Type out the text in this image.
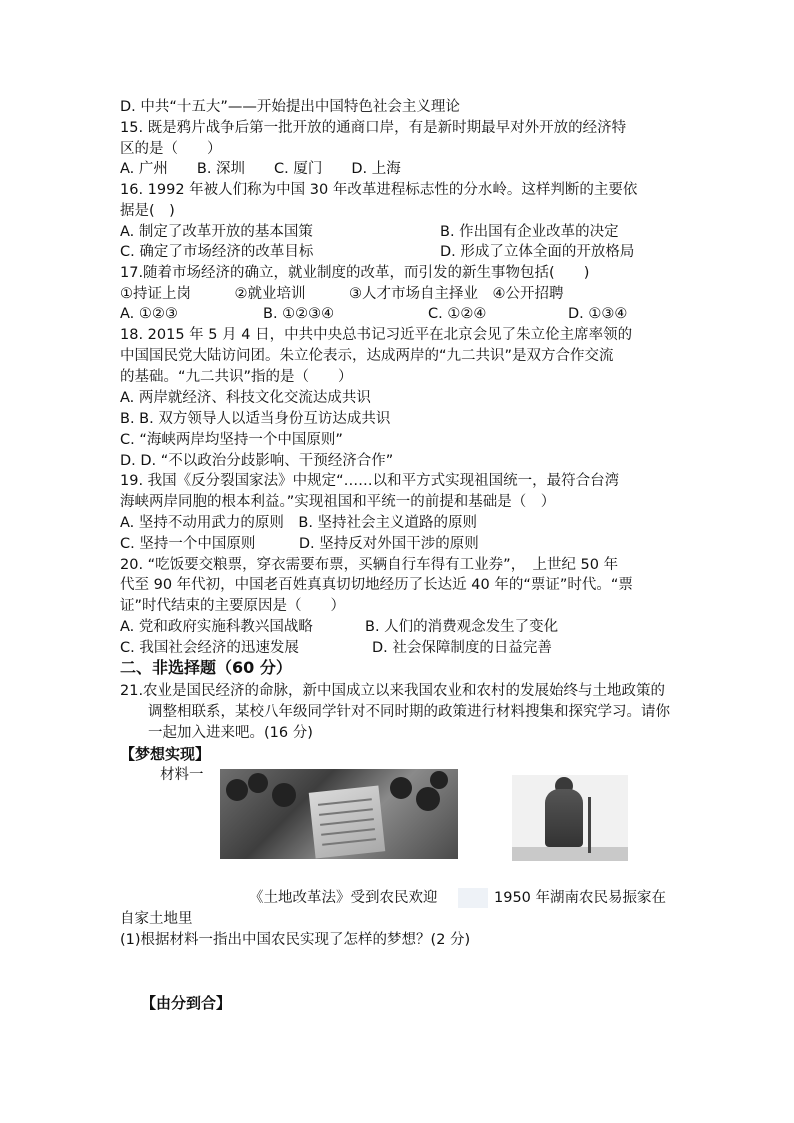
D. 中共“十五大”——开始提出中国特色社会主义理论
15. 既是鸦片战争后第一批开放的通商口岸，有是新时期最早对外开放的经济特
区的是（　　）
A. 广州　　B. 深圳　　C. 厦门　　D. 上海
16. 1992 年被人们称为中国 30 年改革进程标志性的分水岭。这样判断的主要依
据是(　)
A. 制定了改革开放的基本国策	B. 作出国有企业改革的决定
C. 确定了市场经济的改革目标	D. 形成了立体全面的开放格局
17.随着市场经济的确立，就业制度的改革，而引发的新生事物包括(　　)
①持证上岗　　　②就业培训　　　③人才市场自主择业　④公开招聘
A. ①②③	B. ①②③④	C. ①②④	D. ①③④
18. 2015 年 5 月 4 日，中共中央总书记习近平在北京会见了朱立伦主席率领的
中国国民党大陆访问团。朱立伦表示，达成两岸的“九二共识”是双方合作交流
的基础。“九二共识”指的是（　　）
A. 两岸就经济、科技文化交流达成共识
B. B. 双方领导人以适当身份互访达成共识
C. “海峡两岸均坚持一个中国原则”
D. D. “不以政治分歧影响、干预经济合作”
19. 我国《反分裂国家法》中规定“……以和平方式实现祖国统一，最符合台湾
海峡两岸同胞的根本利益。”实现祖国和平统一的前提和基础是（　）
A. 坚持不动用武力的原则　B. 坚持社会主义道路的原则
C. 坚持一个中国原则　　　D. 坚持反对外国干涉的原则
20. “吃饭要交粮票，穿衣需要布票，买辆自行车得有工业券”，　上世纪 50 年
代至 90 年代初，中国老百姓真真切切地经历了长达近 40 年的“票证”时代。“票
证”时代结束的主要原因是（　　）
A. 党和政府实施科教兴国战略	B. 人们的消费观念发生了变化
C. 我国社会经济的迅速发展	D. 社会保障制度的日益完善
二、非选择题（60 分）
21.农业是国民经济的命脉，新中国成立以来我国农业和农村的发展始终与土地政策的
调整相联系，某校八年级同学针对不同时期的政策进行材料搜集和探究学习。请你
一起加入进来吧。(16 分)
【梦想实现】
材料一
《土地改革法》受到农民欢迎	1950 年湖南农民易振家在
自家土地里
(1)根据材料一指出中国农民实现了怎样的梦想？(2 分)
【由分到合】
